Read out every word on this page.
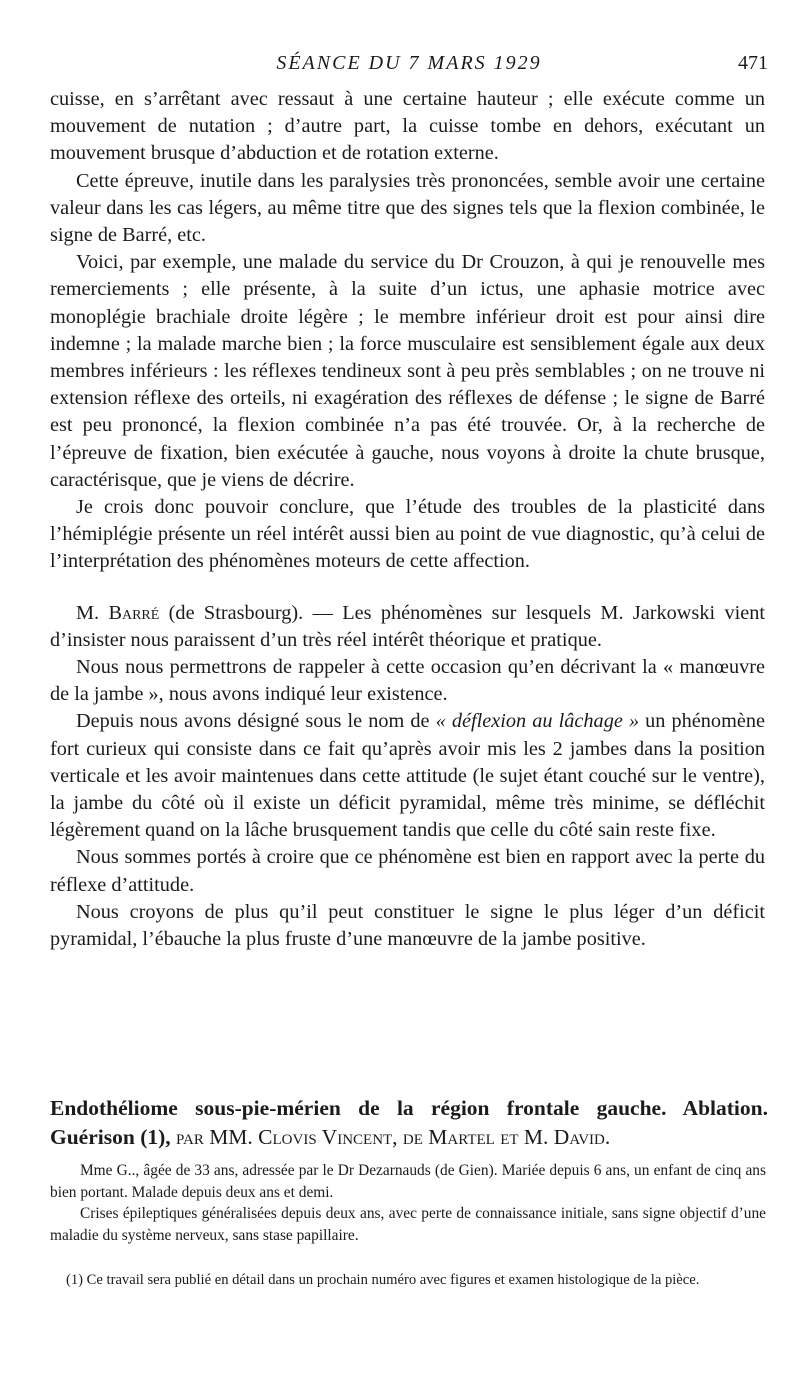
SÉANCE DU 7 MARS 1929	471

cuisse, en s’arrêtant avec ressaut à une certaine hauteur ; elle exécute comme un mouvement de nutation ; d’autre part, la cuisse tombe en dehors, exécutant un mouvement brusque d’abduction et de rotation externe.

Cette épreuve, inutile dans les paralysies très prononcées, semble avoir une certaine valeur dans les cas légers, au même titre que des signes tels que la flexion combinée, le signe de Barré, etc.

Voici, par exemple, une malade du service du Dr Crouzon, à qui je renouvelle mes remerciements ; elle présente, à la suite d’un ictus, une aphasie motrice avec monoplégie brachiale droite légère ; le membre inférieur droit est pour ainsi dire indemne ; la malade marche bien ; la force musculaire est sensiblement égale aux deux membres inférieurs : les réflexes tendineux sont à peu près semblables ; on ne trouve ni extension réflexe des orteils, ni exagération des réflexes de défense ; le signe de Barré est peu prononcé, la flexion combinée n’a pas été trouvée. Or, à la recherche de l’épreuve de fixation, bien exécutée à gauche, nous voyons à droite la chute brusque, caractérisque, que je viens de décrire.

Je crois donc pouvoir conclure, que l’étude des troubles de la plasticité dans l’hémiplégie présente un réel intérêt aussi bien au point de vue diagnostic, qu’à celui de l’interprétation des phénomènes moteurs de cette affection.

M. Barré (de Strasbourg). — Les phénomènes sur lesquels M. Jarkowski vient d’insister nous paraissent d’un très réel intérêt théorique et pratique.

Nous nous permettrons de rappeler à cette occasion qu’en décrivant la « manœuvre de la jambe », nous avons indiqué leur existence.

Depuis nous avons désigné sous le nom de « déflexion au lâchage » un phénomène fort curieux qui consiste dans ce fait qu’après avoir mis les 2 jambes dans la position verticale et les avoir maintenues dans cette attitude (le sujet étant couché sur le ventre), la jambe du côté où il existe un déficit pyramidal, même très minime, se défléchit légèrement quand on la lâche brusquement tandis que celle du côté sain reste fixe.

Nous sommes portés à croire que ce phénomène est bien en rapport avec la perte du réflexe d’attitude.

Nous croyons de plus qu’il peut constituer le signe le plus léger d’un déficit pyramidal, l’ébauche la plus fruste d’une manœuvre de la jambe positive.

Endothéliome sous-pie-mérien de la région frontale gauche. Ablation. Guérison (1), par MM. Clovis Vincent, de Martel et M. David.

Mme G.., âgée de 33 ans, adressée par le Dr Dezarnauds (de Gien). Mariée depuis 6 ans, un enfant de cinq ans bien portant. Malade depuis deux ans et demi.

Crises épileptiques généralisées depuis deux ans, avec perte de connaissance initiale, sans signe objectif d’une maladie du système nerveux, sans stase papillaire.

(1) Ce travail sera publié en détail dans un prochain numéro avec figures et examen histologique de la pièce.
